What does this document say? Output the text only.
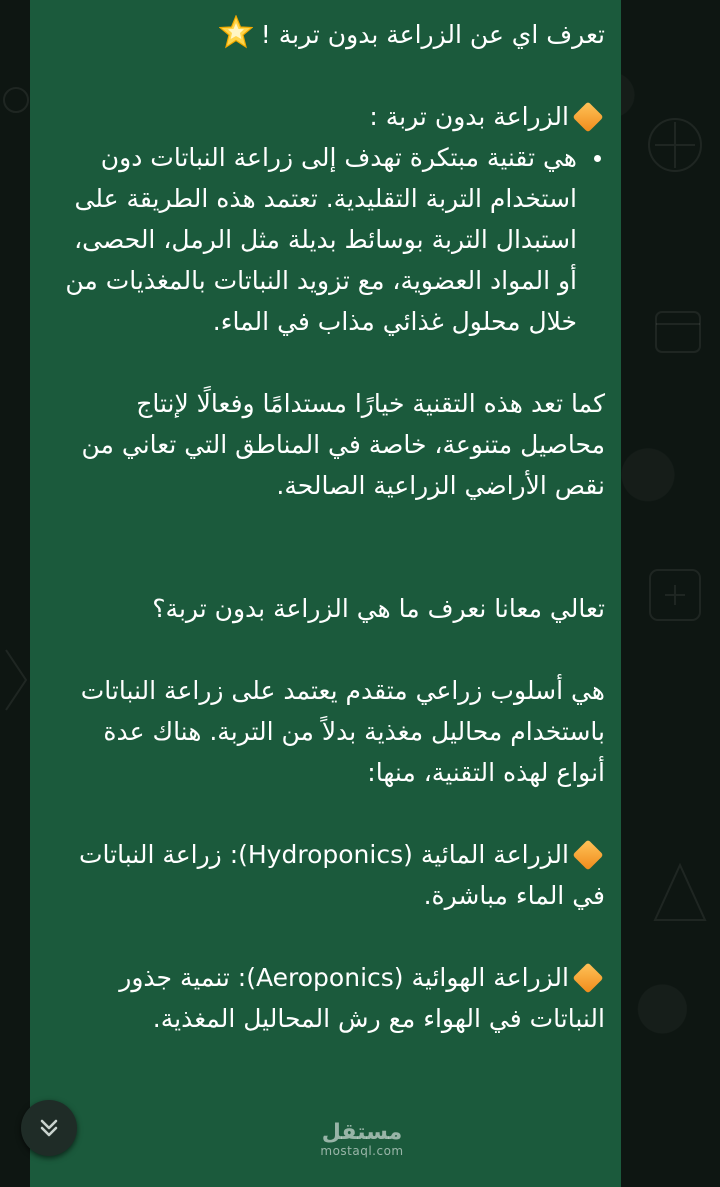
تعرف اي عن الزراعة بدون تربة !

الزراعة بدون تربة :

هي تقنية مبتكرة تهدف إلى زراعة النباتات دون استخدام التربة التقليدية. تعتمد هذه الطريقة على استبدال التربة بوسائط بديلة مثل الرمل، الحصى، أو المواد العضوية، مع تزويد النباتات بالمغذيات من خلال محلول غذائي مذاب في الماء.

كما تعد هذه التقنية خيارًا مستدامًا وفعالًا لإنتاج محاصيل متنوعة، خاصة في المناطق التي تعاني من نقص الأراضي الزراعية الصالحة.

تعالي معانا نعرف ما هي الزراعة بدون تربة؟

هي أسلوب زراعي متقدم يعتمد على زراعة النباتات باستخدام محاليل مغذية بدلاً من التربة. هناك عدة أنواع لهذه التقنية، منها:

الزراعة المائية (Hydroponics): زراعة النباتات في الماء مباشرة.

الزراعة الهوائية (Aeroponics): تنمية جذور النباتات في الهواء مع رش المحاليل المغذية.

مستقل
mostaql.com
